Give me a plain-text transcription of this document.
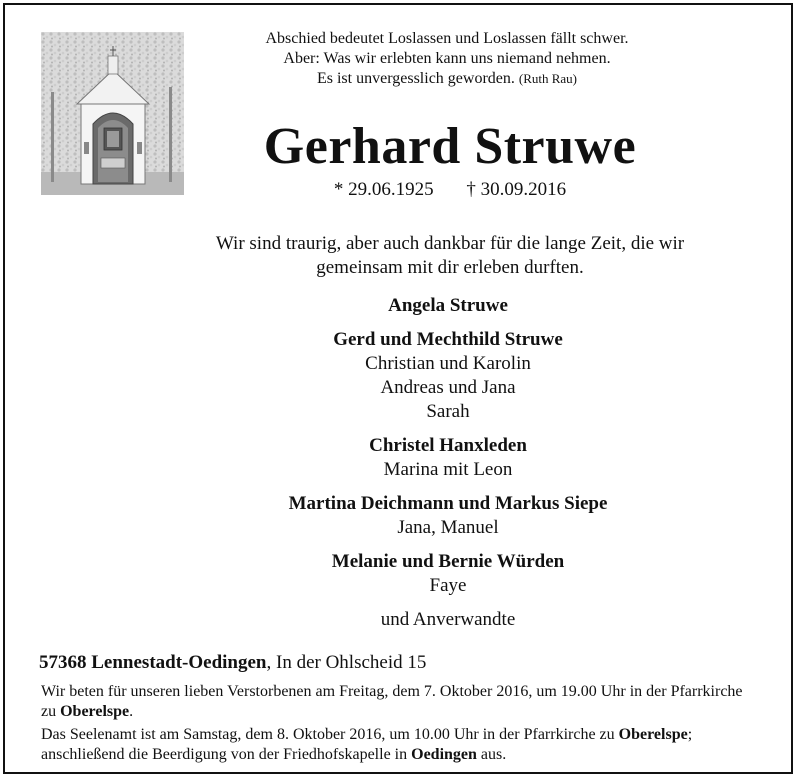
Abschied bedeutet Loslassen und Loslassen fällt schwer.
Aber: Was wir erlebten kann uns niemand nehmen.
Es ist unvergesslich geworden. (Ruth Rau)
Gerhard Struwe
* 29.06.1925 † 30.09.2016
Wir sind traurig, aber auch dankbar für die lange Zeit, die wir
gemeinsam mit dir erleben durften.
Angela Struwe
Gerd und Mechthild Struwe
Christian und Karolin
Andreas und Jana
Sarah
Christel Hanxleden
Marina mit Leon
Martina Deichmann und Markus Siepe
Jana, Manuel
Melanie und Bernie Würden
Faye
und Anverwandte
57368 Lennestadt-Oedingen, In der Ohlscheid 15

Wir beten für unseren lieben Verstorbenen am Freitag, dem 7. Oktober 2016, um 19.00 Uhr in der Pfarrkirche zu Oberelspe.

Das Seelenamt ist am Samstag, dem 8. Oktober 2016, um 10.00 Uhr in der Pfarrkirche zu Oberelspe; anschließend die Beerdigung von der Friedhofskapelle in Oedingen aus.
